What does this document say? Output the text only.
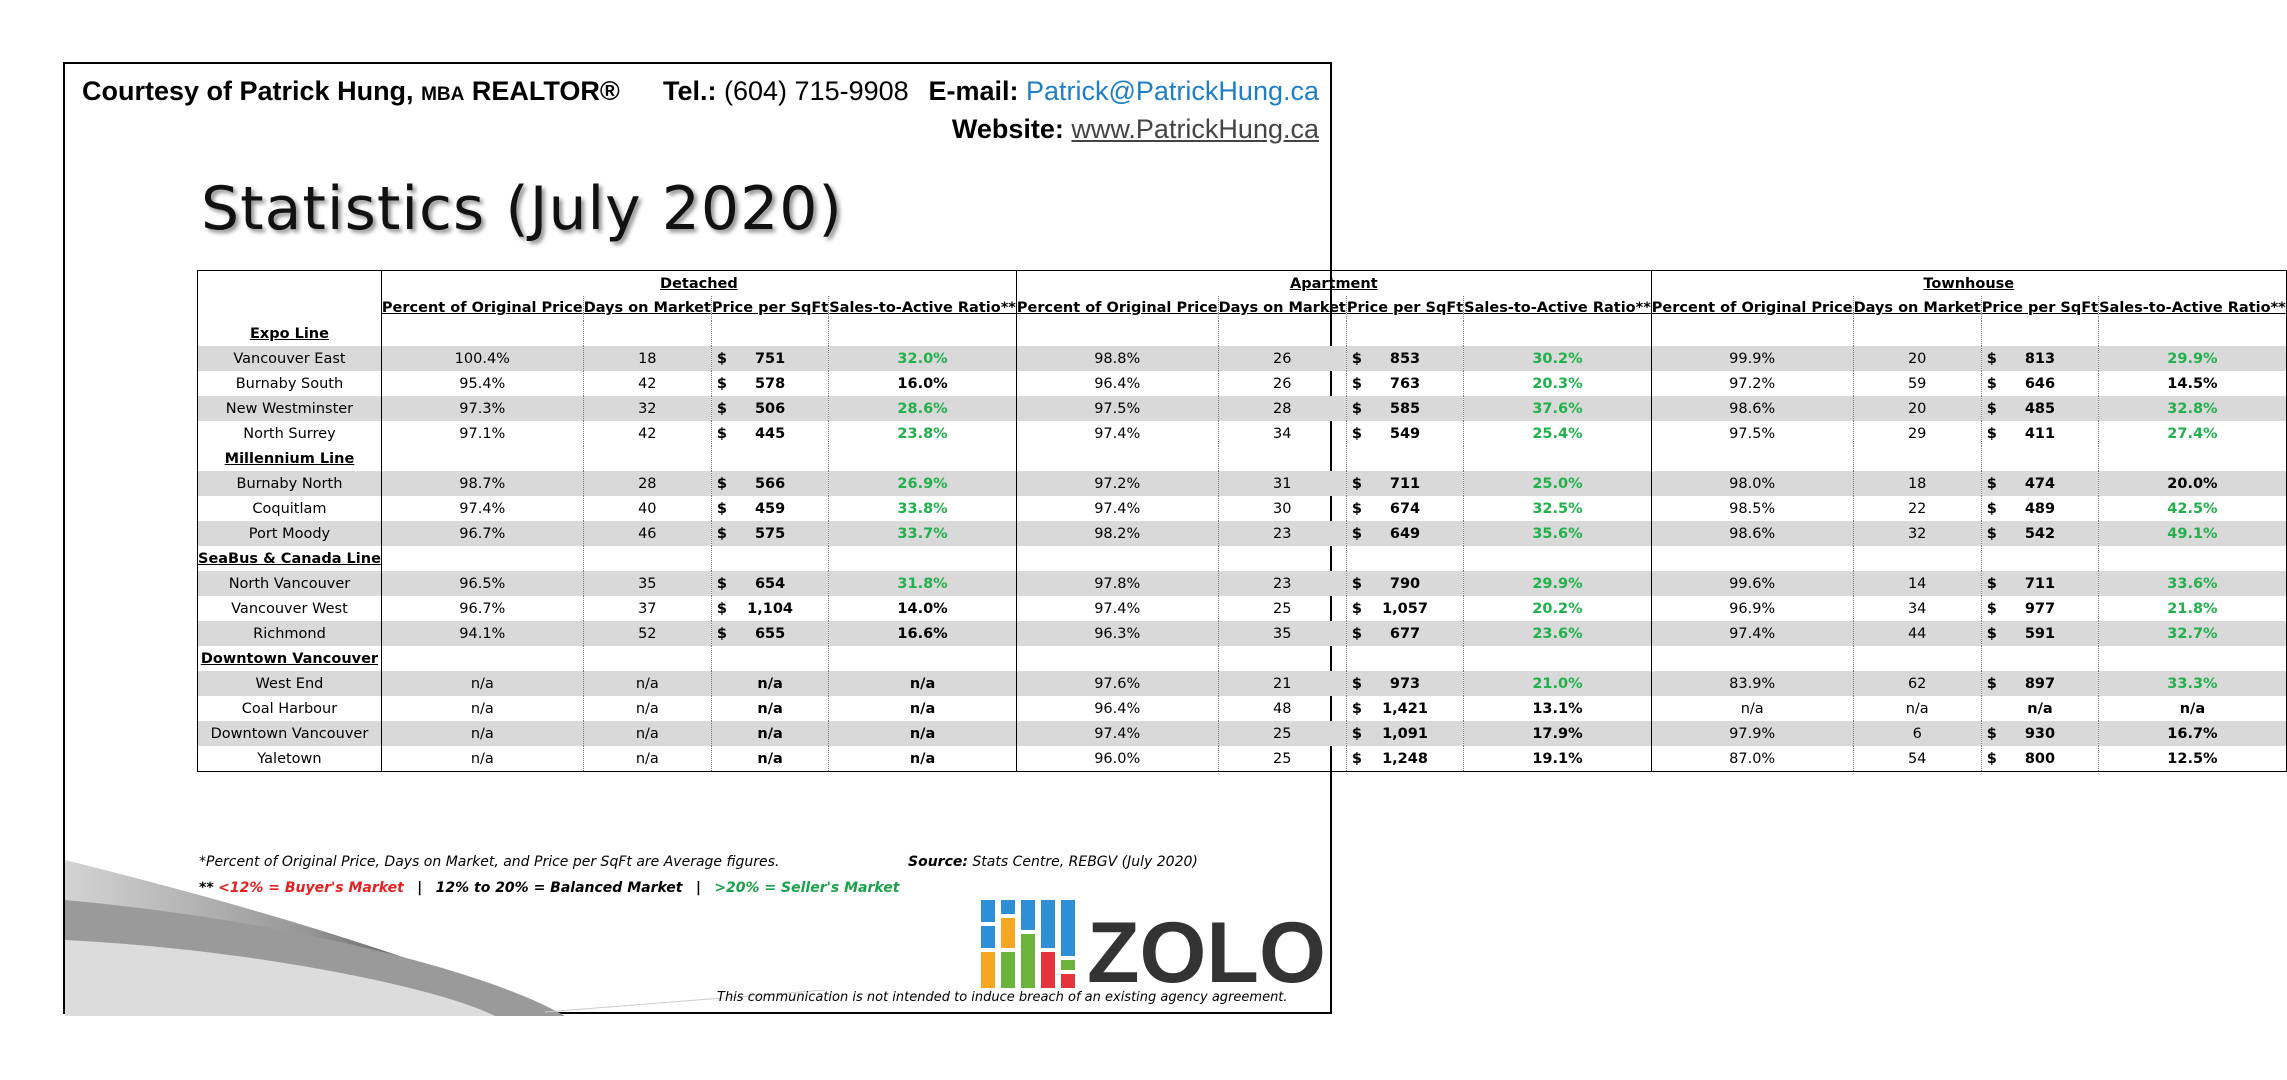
Courtesy of Patrick Hung, MBA REALTOR® Tel.: (604) 715-9908 E-mail: Patrick@PatrickHung.ca
Website: www.PatrickHung.ca
Statistics (July 2020)
	Detached				Apartment				Townhouse			
	Percent of Original Price	Days on Market	Price per SqFt	Sales-to-Active Ratio**	Percent of Original Price	Days on Market	Price per SqFt	Sales-to-Active Ratio**	Percent of Original Price	Days on Market	Price per SqFt	Sales-to-Active Ratio**
Expo Line												
Vancouver East	100.4%	18	$ 751	32.0%	98.8%	26	$ 853	30.2%	99.9%	20	$ 813	29.9%
Burnaby South	95.4%	42	$ 578	16.0%	96.4%	26	$ 763	20.3%	97.2%	59	$ 646	14.5%
New Westminster	97.3%	32	$ 506	28.6%	97.5%	28	$ 585	37.6%	98.6%	20	$ 485	32.8%
North Surrey	97.1%	42	$ 445	23.8%	97.4%	34	$ 549	25.4%	97.5%	29	$ 411	27.4%
Millennium Line												
Burnaby North	98.7%	28	$ 566	26.9%	97.2%	31	$ 711	25.0%	98.0%	18	$ 474	20.0%
Coquitlam	97.4%	40	$ 459	33.8%	97.4%	30	$ 674	32.5%	98.5%	22	$ 489	42.5%
Port Moody	96.7%	46	$ 575	33.7%	98.2%	23	$ 649	35.6%	98.6%	32	$ 542	49.1%
SeaBus & Canada Line												
North Vancouver	96.5%	35	$ 654	31.8%	97.8%	23	$ 790	29.9%	99.6%	14	$ 711	33.6%
Vancouver West	96.7%	37	$ 1,104	14.0%	97.4%	25	$ 1,057	20.2%	96.9%	34	$ 977	21.8%
Richmond	94.1%	52	$ 655	16.6%	96.3%	35	$ 677	23.6%	97.4%	44	$ 591	32.7%
Downtown Vancouver												
West End	n/a	n/a	n/a	n/a	97.6%	21	$ 973	21.0%	83.9%	62	$ 897	33.3%
Coal Harbour	n/a	n/a	n/a	n/a	96.4%	48	$ 1,421	13.1%	n/a	n/a	n/a	n/a
Downtown Vancouver	n/a	n/a	n/a	n/a	97.4%	25	$ 1,091	17.9%	97.9%	6	$ 930	16.7%
Yaletown	n/a	n/a	n/a	n/a	96.0%	25	$ 1,248	19.1%	87.0%	54	$ 800	12.5%
*Percent of Original Price, Days on Market, and Price per SqFt are Average figures.	Source: Stats Centre, REBGV (July 2020)
** <12% = Buyer's Market | 12% to 20% = Balanced Market | >20% = Seller's Market
ZOLO
This communication is not intended to induce breach of an existing agency agreement.
